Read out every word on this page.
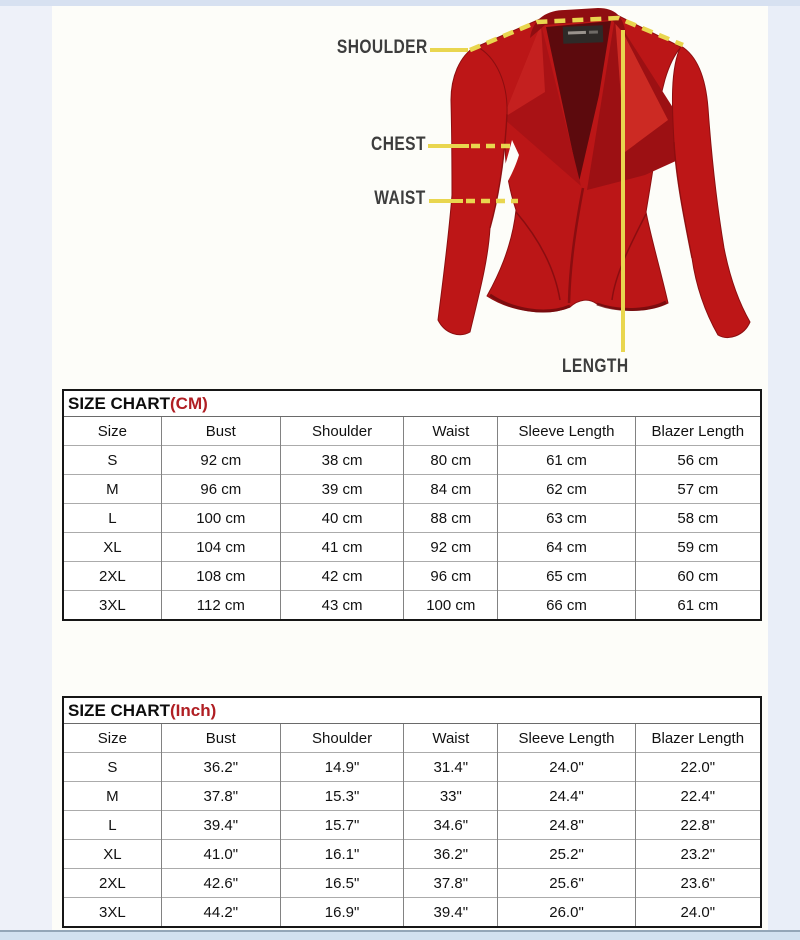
SHOULDER
CHEST
WAIST
LENGTH
SIZE CHART(CM)
Size	Bust	Shoulder	Waist	Sleeve Length	Blazer Length
S	92 cm	38 cm	80 cm	61 cm	56 cm
M	96 cm	39 cm	84 cm	62 cm	57 cm
L	100 cm	40 cm	88 cm	63 cm	58 cm
XL	104 cm	41 cm	92 cm	64 cm	59 cm
2XL	108 cm	42 cm	96 cm	65 cm	60 cm
3XL	112 cm	43 cm	100 cm	66 cm	61 cm
SIZE CHART(Inch)
Size	Bust	Shoulder	Waist	Sleeve Length	Blazer Length
S	36.2"	14.9"	31.4"	24.0"	22.0"
M	37.8"	15.3"	33"	24.4"	22.4"
L	39.4"	15.7"	34.6"	24.8"	22.8"
XL	41.0"	16.1"	36.2"	25.2"	23.2"
2XL	42.6"	16.5"	37.8"	25.6"	23.6"
3XL	44.2"	16.9"	39.4"	26.0"	24.0"
